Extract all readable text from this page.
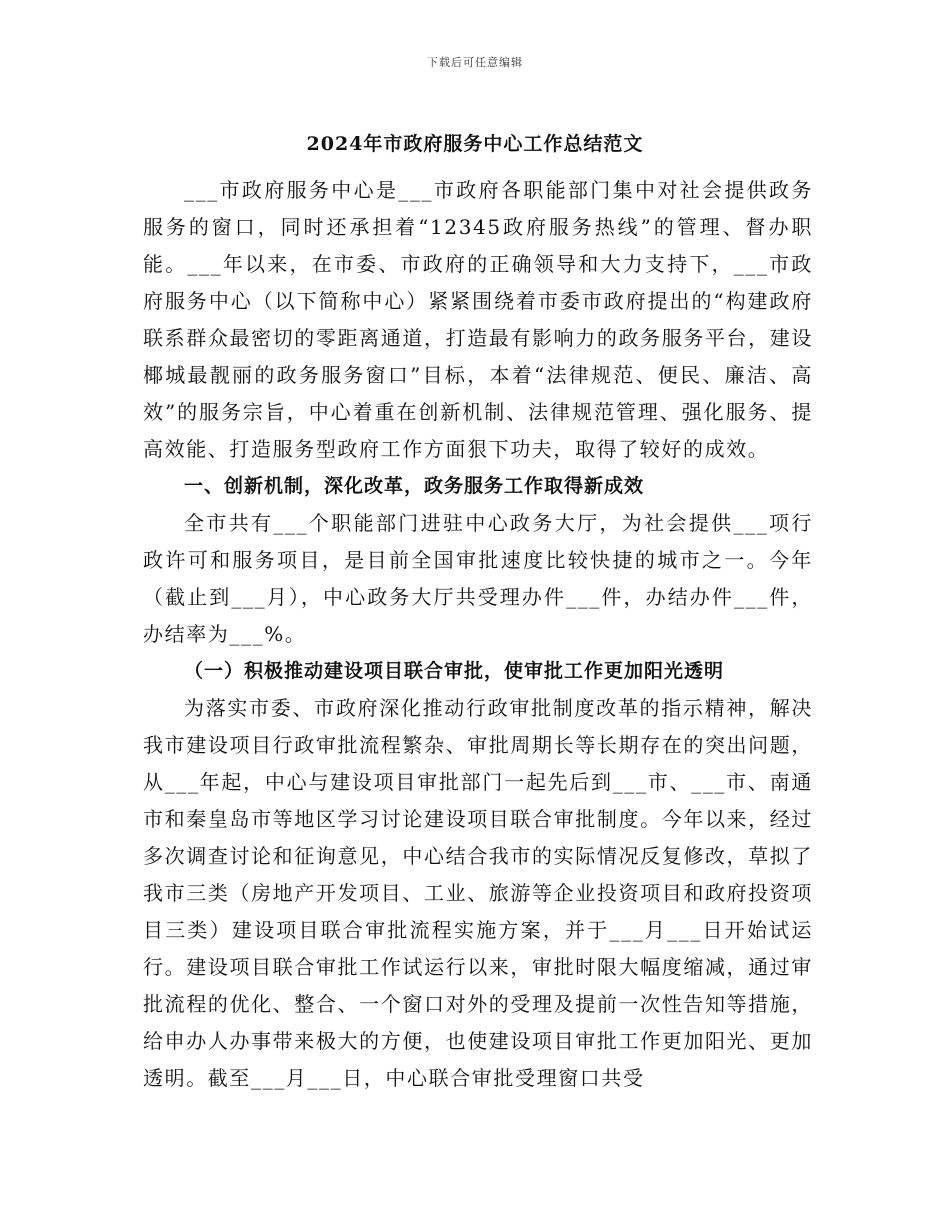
下载后可任意编辑
2024年市政府服务中心工作总结范文

___市政府服务中心是___市政府各职能部门集中对社会提供政务服务的窗口，同时还承担着“12345政府服务热线”的管理、督办职能。___年以来，在市委、市政府的正确领导和大力支持下，___市政府服务中心（以下简称中心）紧紧围绕着市委市政府提出的“构建政府联系群众最密切的零距离通道，打造最有影响力的政务服务平台，建设椰城最靓丽的政务服务窗口”目标，本着“法律规范、便民、廉洁、高效”的服务宗旨，中心着重在创新机制、法律规范管理、强化服务、提高效能、打造服务型政府工作方面狠下功夫，取得了较好的成效。

一、创新机制，深化改革，政务服务工作取得新成效

全市共有___个职能部门进驻中心政务大厅，为社会提供___项行政许可和服务项目，是目前全国审批速度比较快捷的城市之一。今年（截止到___月），中心政务大厅共受理办件___件，办结办件___件，办结率为___%。

（一）积极推动建设项目联合审批，使审批工作更加阳光透明

为落实市委、市政府深化推动行政审批制度改革的指示精神，解决我市建设项目行政审批流程繁杂、审批周期长等长期存在的突出问题，从___年起，中心与建设项目审批部门一起先后到___市、___市、南通市和秦皇岛市等地区学习讨论建设项目联合审批制度。今年以来，经过多次调查讨论和征询意见，中心结合我市的实际情况反复修改，草拟了我市三类（房地产开发项目、工业、旅游等企业投资项目和政府投资项目三类）建设项目联合审批流程实施方案，并于___月___日开始试运行。建设项目联合审批工作试运行以来，审批时限大幅度缩减，通过审批流程的优化、整合、一个窗口对外的受理及提前一次性告知等措施，给申办人办事带来极大的方便，也使建设项目审批工作更加阳光、更加透明。截至___月___日，中心联合审批受理窗口共受
